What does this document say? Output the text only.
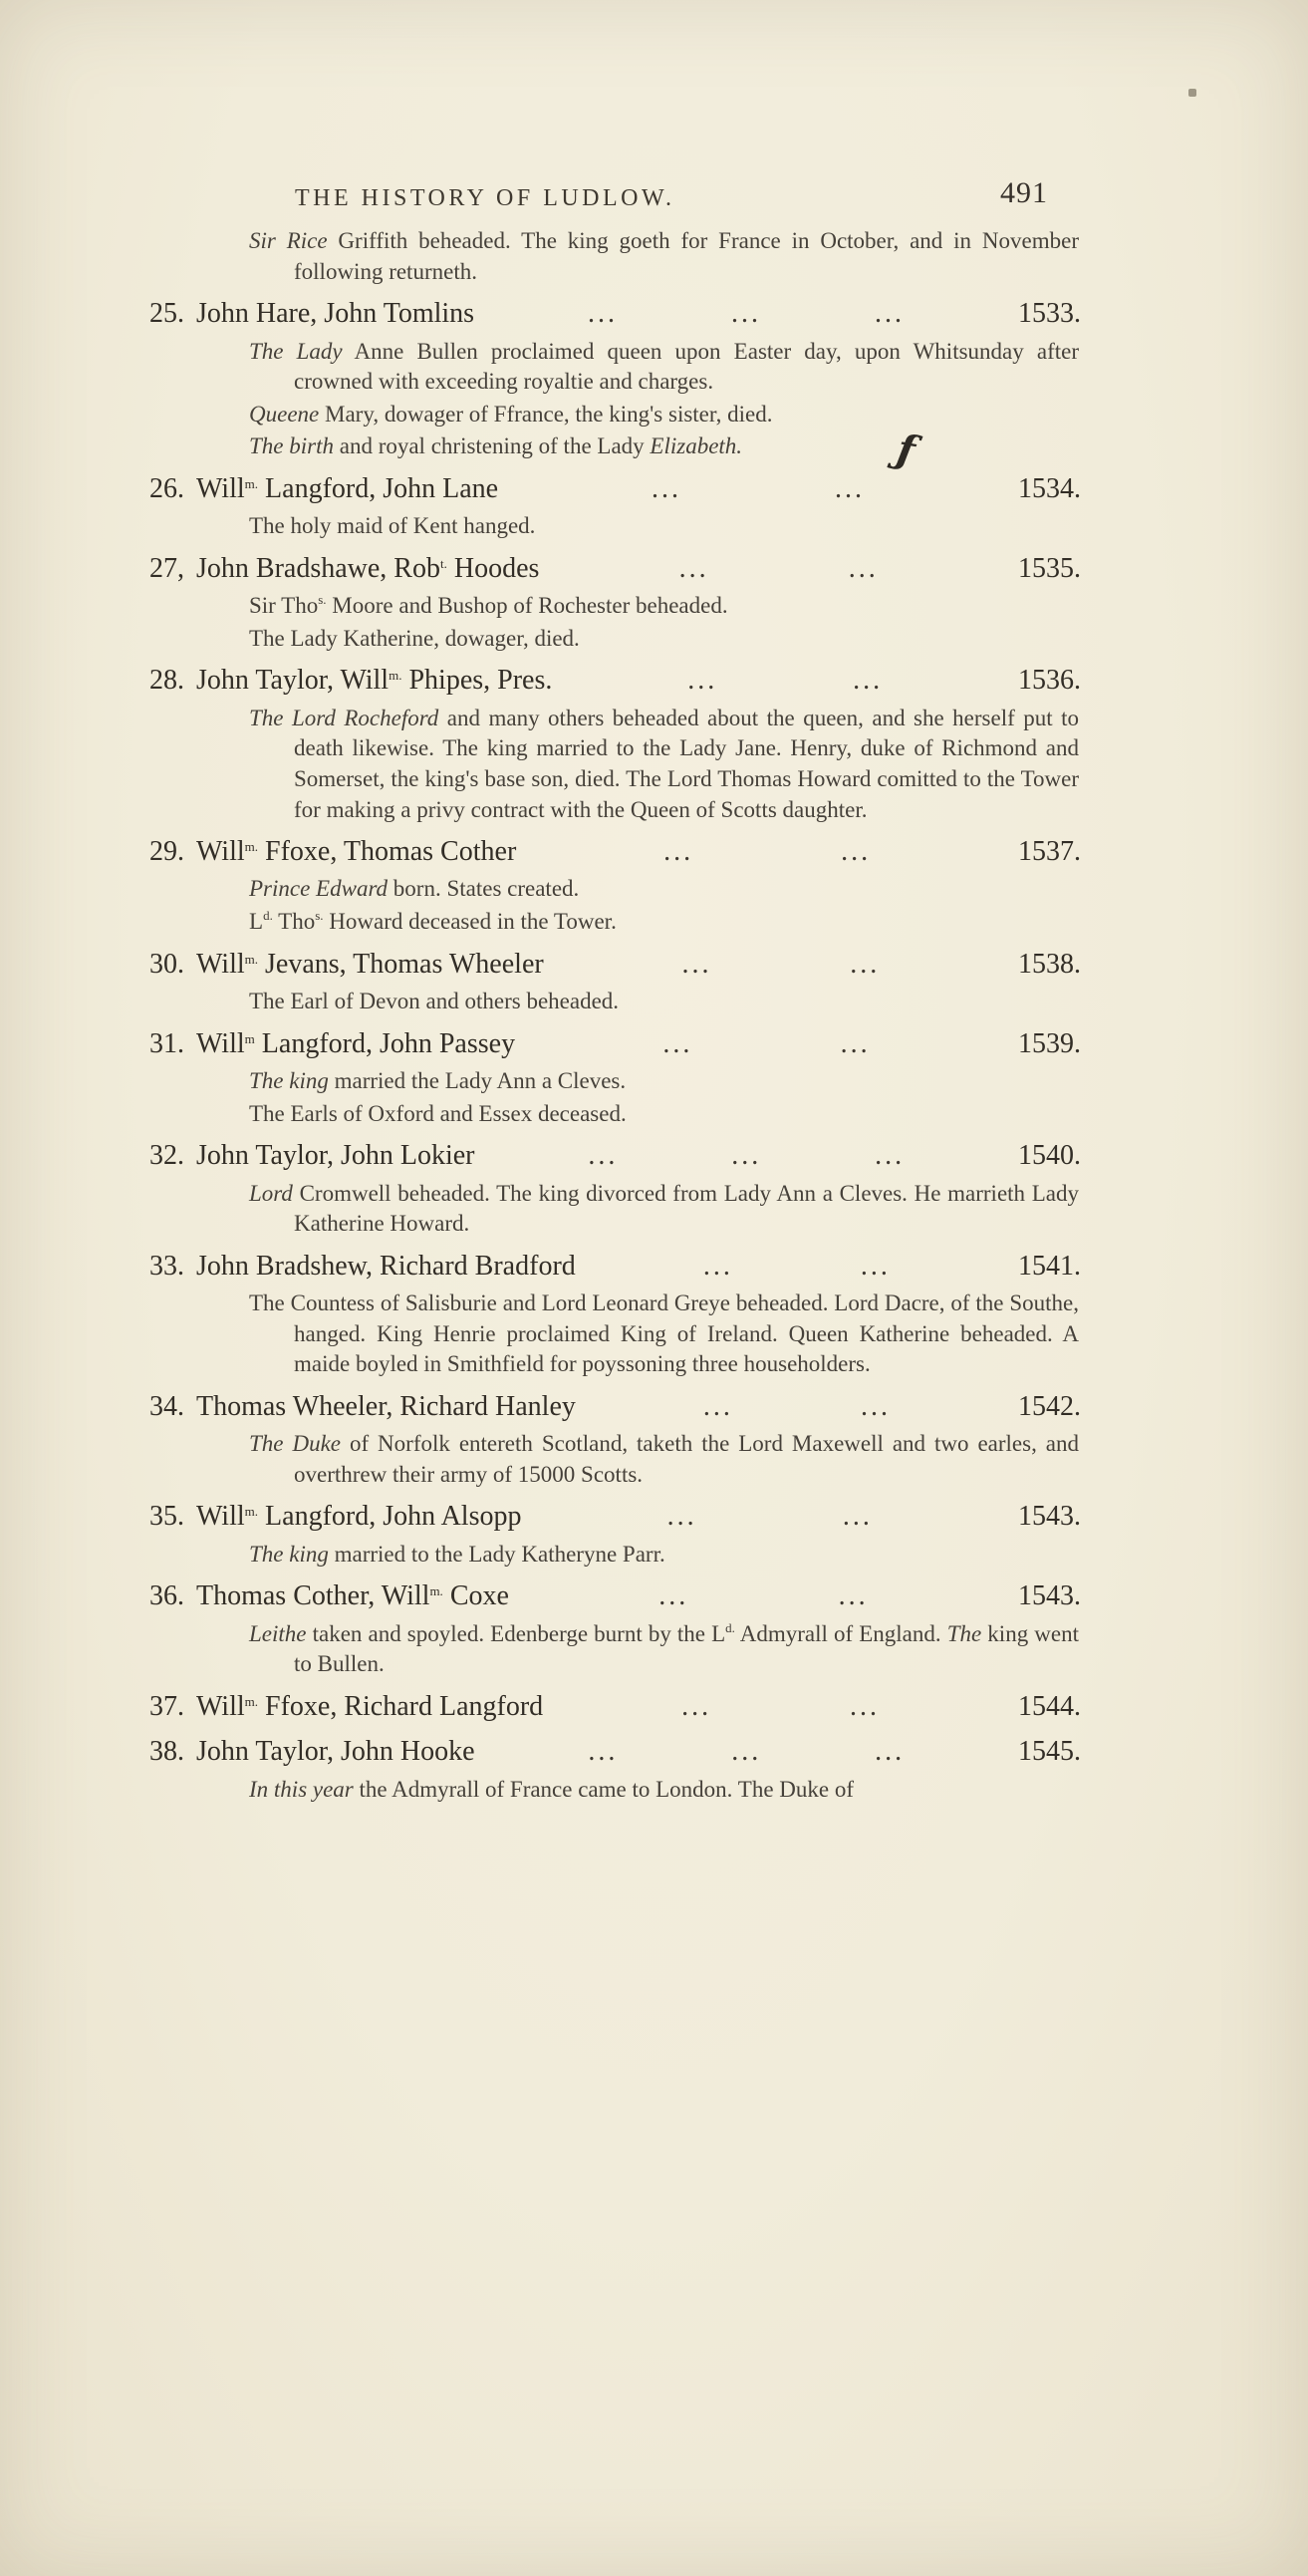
THE HISTORY OF LUDLOW.	491
ƒ

Sir Rice Griffith beheaded. The king goeth for France in October, and in November following returneth.

25. John Hare, John Tomlins	...	...	...	1533.

The Lady Anne Bullen proclaimed queen upon Easter day, upon Whitsunday after crowned with exceeding royaltie and charges.

Queene Mary, dowager of Ffrance, the king's sister, died.

The birth and royal christening of the Lady Elizabeth.

26. Will$^{m.}$ Langford, John Lane	...	...	1534.

The holy maid of Kent hanged.

27, John Bradshawe, Rob$^{t.}$ Hoodes	...	...	1535.

Sir Tho$^{s.}$ Moore and Bushop of Rochester beheaded.

The Lady Katherine, dowager, died.

28. John Taylor, Will$^{m.}$ Phipes, Pres.	...	...	1536.

The Lord Rocheford and many others beheaded about the queen, and she herself put to death likewise. The king married to the Lady Jane. Henry, duke of Richmond and Somerset, the king's base son, died. The Lord Thomas Howard comitted to the Tower for making a privy contract with the Queen of Scotts daughter.

29. Will$^{m.}$ Ffoxe, Thomas Cother	...	...	1537.

Prince Edward born. States created.

$L^{d.}$ Tho$^{s.}$ Howard deceased in the Tower.

30. Will$^{m.}$ Jevans, Thomas Wheeler	...	...	1538.

The Earl of Devon and others beheaded.

31. Will$^m$ Langford, John Passey	...	...	1539.

The king married the Lady Ann a Cleves.

The Earls of Oxford and Essex deceased.

32. John Taylor, John Lokier	...	...	...	1540.

Lord Cromwell beheaded. The king divorced from Lady Ann a Cleves. He marrieth Lady Katherine Howard.

33. John Bradshew, Richard Bradford	...	...	1541.

The Countess of Salisburie and Lord Leonard Greye beheaded. Lord Dacre, of the Southe, hanged. King Henrie proclaimed King of Ireland. Queen Katherine beheaded. A maide boyled in Smithfield for poyssoning three householders.

34. Thomas Wheeler, Richard Hanley	...	...	1542.

The Duke of Norfolk entereth Scotland, taketh the Lord Maxewell and two earles, and overthrew their army of 15000 Scotts.

35. Will$^{m.}$ Langford, John Alsopp	...	...	1543.

The king married to the Lady Katheryne Parr.

36. Thomas Cother, Will$^{m.}$ Coxe	...	...	1543.

Leithe taken and spoyled. Edenberge burnt by the $L^{d.}$ Admyrall of England. The king went to Bullen.

37. Will$^{m.}$ Ffoxe, Richard Langford	...	...	1544.
38. John Taylor, John Hooke	...	...	...	1545.

In this year the Admyrall of France came to London. The Duke of
